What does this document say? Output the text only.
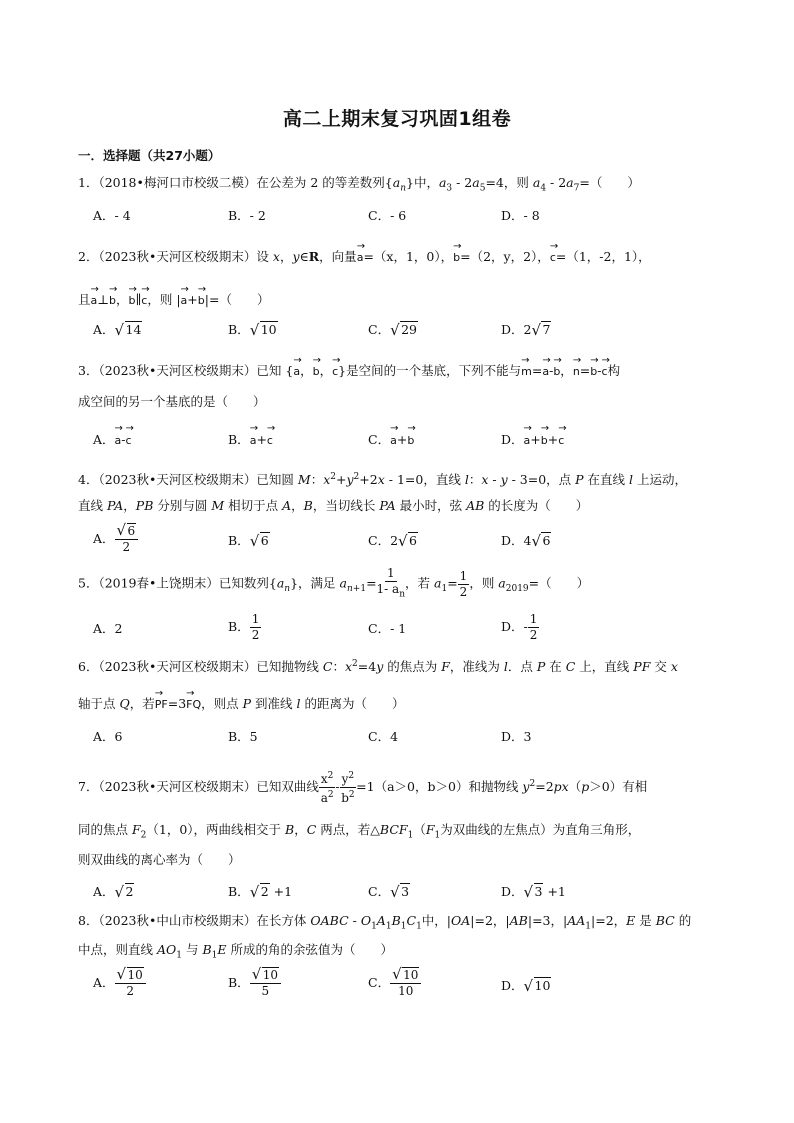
高二上期末复习巩固1组卷
一．选择题（共27小题）
1．（2018•梅河口市校级二模）在公差为 2 的等差数列$\{a_n\}$中，$a_3 - 2a_5=4$，则 $a_4 - 2a_7=$（　　）
A．- 4	B．- 2	C．- 6	D．- 8
2．（2023秋•天河区校级期末）设 x，y∈R，向量→ a=（x，1，0），→ b=（2，y，2），→ c=（1，-2，1），
且→ a⊥→ b，→ b∥→ c，则 |→ a+→ b|=（　　）
A． √ 14	B． √ 10	C． √ 29	D．2 √ 7
3．（2023秋•天河区校级期末）已知 {→ a，→ b，→ c}是空间的一个基底，下列不能与→ m=→ a-→ b，→ n=→ b-→ c构
成空间的另一个基底的是（　　）
A．→ a-→ c	B．→ a+→ c	C．→ a+→ b	D．→ a+→ b+→ c
4．（2023秋•天河区校级期末）已知圆 M：$x^2+y^2+2x - 1=0$，直线 l：x - y - 3=0，点 P 在直线 l 上运动，
直线 PA，PB 分别与圆 M 相切于点 A，B，当切线长 PA 最小时，弦 AB 的长度为（　　）
A． √ $\frac{6}{2}$	B． √ 6	C．2 √ 6	D．4 √ 6
5．（2019春•上饶期末）已知数列$\{a_n\}$，满足 $a_{n+1}= \frac{1}{1- a_n}$ ，若 $a_1= \frac{1}{2}$ ，则 $a_{2019}=$（　　）
A．2	B． $\frac{1}{2}$	C．- 1	D．- $\frac{1}{2}$
6．（2023秋•天河区校级期末）已知抛物线 C：$x^2=4y$ 的焦点为 F，准线为 l．点 P 在 C 上，直线 PF 交 x
轴于点 Q，若→ PF=3→ FQ，则点 P 到准线 l 的距离为（　　）
A．6	B．5	C．4	D．3
7．（2023秋•天河区校级期末）已知双曲线 $\frac{x^2}{a^2} - \frac{y^2}{b^2} =1(a>0$，b＞0）和抛物线 $y^2=2px(p>0)$有相
同的焦点 $F_2(1$，0），两曲线相交于 B，C 两点，若$\triangle BCF_1(F_1$为双曲线的左焦点）为直角三角形，
则双曲线的离心率为（　　）
A． √ 2	B． √ 2 +1	C． √ 3	D． √ 3 +1
8．（2023秋•中山市校级期末）在长方体 OABC - $O_1A_1B_1C_1$中，|OA|=2，|AB|=3，$|AA_1|=2$，E 是 BC 的
中点，则直线 $AO_1$ 与 $B_1E$ 所成的角的余弦值为（　　）
A． √ $\frac{10}{2}$	B． √ $\frac{10}{5}$	C． √ $\frac{10}{10}$	D． √ 10
